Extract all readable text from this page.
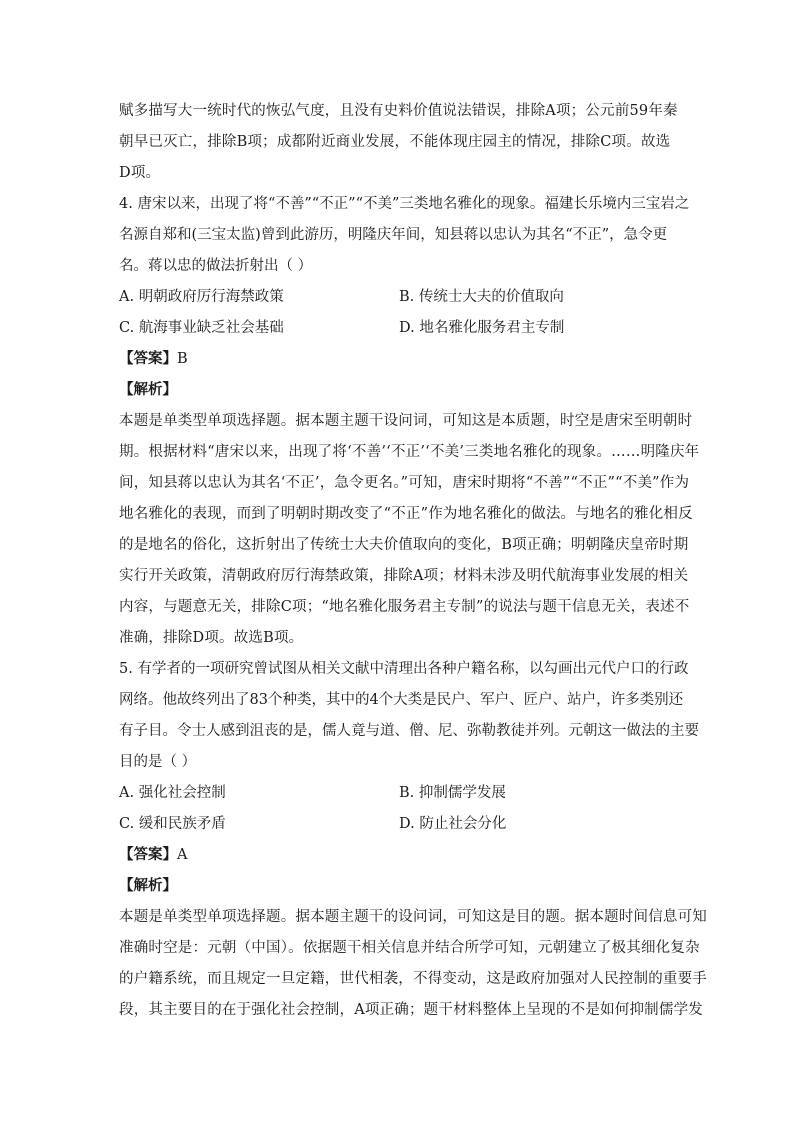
赋多描写大一统时代的恢弘气度，且没有史料价值说法错误，排除A项；公元前59年秦
朝早已灭亡，排除B项；成都附近商业发展，不能体现庄园主的情况，排除C项。故选
D项。
4. 唐宋以来，出现了将“不善”“不正”“不美”三类地名雅化的现象。福建长乐境内三宝岩之
名源自郑和(三宝太监)曾到此游历，明隆庆年间，知县蒋以忠认为其名“不正”，急令更
名。蒋以忠的做法折射出（ ）
A. 明朝政府厉行海禁政策	B. 传统士大夫的价值取向
C. 航海事业缺乏社会基础	D. 地名雅化服务君主专制
【答案】B
【解析】
本题是单类型单项选择题。据本题主题干设问词，可知这是本质题，时空是唐宋至明朝时
期。根据材料“唐宋以来，出现了将‘不善’‘不正’‘不美’三类地名雅化的现象。……明隆庆年
间，知县蒋以忠认为其名‘不正’，急令更名。”可知，唐宋时期将“不善”“不正”“不美”作为
地名雅化的表现，而到了明朝时期改变了“不正”作为地名雅化的做法。与地名的雅化相反
的是地名的俗化，这折射出了传统士大夫价值取向的变化，B项正确；明朝隆庆皇帝时期
实行开关政策，清朝政府厉行海禁政策，排除A项；材料未涉及明代航海事业发展的相关
内容，与题意无关，排除C项；“地名雅化服务君主专制”的说法与题干信息无关，表述不
准确，排除D项。故选B项。
5. 有学者的一项研究曾试图从相关文献中清理出各种户籍名称，以勾画出元代户口的行政
网络。他故终列出了83个种类，其中的4个大类是民户、军户、匠户、站户，许多类别还
有子目。令士人感到沮丧的是，儒人竟与道、僧、尼、弥勒教徒并列。元朝这一做法的主要
目的是（ ）
A. 强化社会控制	B. 抑制儒学发展
C. 缓和民族矛盾	D. 防止社会分化
【答案】A
【解析】
本题是单类型单项选择题。据本题主题干的设问词，可知这是目的题。据本题时间信息可知
准确时空是：元朝（中国）。依据题干相关信息并结合所学可知，元朝建立了极其细化复杂
的户籍系统，而且规定一旦定籍，世代相袭，不得变动，这是政府加强对人民控制的重要手
段，其主要目的在于强化社会控制，A项正确；题干材料整体上呈现的不是如何抑制儒学发
